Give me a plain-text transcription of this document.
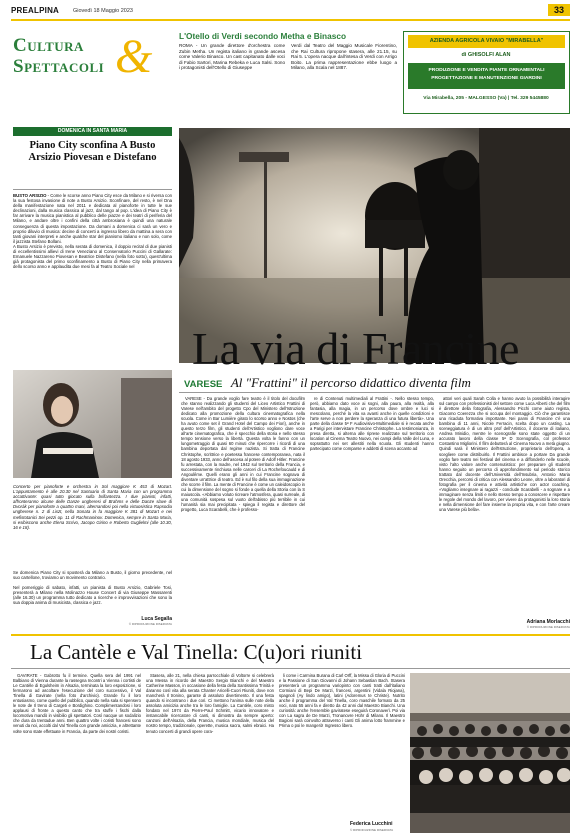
PREALPINA	Giovedì 18 Maggio 2023	33
Cultura &
Spettacoli
L'Otello di Verdi secondo Metha e Binasco
ROMA - Un grande direttore d'orchestra come Zubin Metha. Un regista italiano in grande ascesa come Valerio Binasco. Un cast capitanato dalle voci di Fabio Sartori, Marina Rebeka e Luca Salsi. Sono i protagonisti dell'Otello di Giuseppe
Verdi dal Teatro del Maggio Musicale Fiorentino, che Rai Cultura ripropone stasera, alle 21.15, su Rai 5. L'opera nacque dall'intesa di Verdi con Arrigo Boito. La prima rappresentazione ebbe luogo a Milano, alla Scala nel 1887.
AZIENDA AGRICOLA VIVAIO "MIRABELLA"
di GHISOLFI ALAN
PRODUZIONE E VENDITA PIANTE ORNAMENTALI
PROGETTAZIONE E MANUTENZIONE GIARDINI
Via Mirabella, 205 - MALGESSO (Va) | Tel. 329 5445880
DOMENICA IN SANTA MARIA
Piano City sconfina A Busto Arsizio Piovesan e Distefano
BUSTO ARSIZIO - Come le scorse anno Piano City esce da Milano e si riversa con la sua festosa invasione di note a Busto Arsizio. Sconfinare, del resto, è nel Dna della manifestazione nata nel 2011 e dedicata al pianoforte in tutte le sue declinazioni, dalla musica classica al jazz, dal tango al pop. L'idea di Piano City è far arrivare la musica pianistica al pubblico delle piazze e dei teatri di periferia del Milano, e andare oltre i confini della città ambrosiana è quindi una naturale conseguenza di questa impostazione. Da domani a domenica ci sarà un vero e proprio diluvio di musica: decine di concerti a ingresso libero da mattina a sera con tanti giovani interpreti e anche qualche star del pianismo italiano e non solo, come il jazzista Stefano Bollani.
A Busto Arsizio è previsto, nella serata di domenica, il doppio recital di due pianisti di eccellentissimi allievi di Irene Veneziano al Conservatorio Puccini di Gallarate: Emanuele Nazzareno Piovesan e Beatrice Distefano (nella foto sotto), quest'ultima già protagonista del primo sconfinamento a Busto di Piano City nella primavera dello scorso anno e applaudita due mesi fa al Teatro Sociale nel
Concerto per pianoforte e orchestra in Sol maggiore K 453 di Mozart. L'appuntamento è alle 20.30 nel Santuario di Santa Maria con un programma accattivante: quasi tutto giocato sulla brillantezza. I due pianisti, infatti, affronteranno alcune delle Danze ungheresi di Brahms e delle Danze slave di Dvorák per pianoforte a quattro mani, alternandosi poi nella virtuosistica Rapsodia ungherese n. 2 di Liszt, nella Sonata in fa maggiore K 381 di Mozart e nei mefistotanici Sei pezzi op. 11 di Rachmaninov. Domenica, sempre in Santa Maria, si esibiscono anche Elena Scrivo, Jacopo Girino e Roberto Guglielmi (alle 10.30, 16 e 18).
Se domenica Piano City si sposterà da Milano a Busto, il giorno precedente, nel suo cartellone, troviamo un movimento contrario.
Nel pomeriggio di sabato, infatti, un pianista di Busto Arsizio, Gabriele Tosi, presenterà a Milano nella Molinazzo House Concert di via Giuseppe Massarenti (alle 16.30) un programma tutto dedicato a ricerche e improvvisazioni che sono la sua doppia anima di musicista, classica e jazz.
Luca Segalla
© RIPRODUZIONE RISERVATA
La via di Francine
VARESE Al "Frattini" il percorso didattico diventa film
VARESE - Da grande voglio fare teatro è il titolo del docufilm che stanno realizzando gli studenti del Liceo Artistico Frattini di Varese nell'ambito del progetto Cpo del Ministero dell'Istruzione dedicato alla promozione della cultura cinematografica nella scuola. Come in Bar Lumière girato lo scorso anno e Nostos (che ha avuto come set il Grand Hotel del Campo dei Fiori), anche in questo terzo film, gli studenti dell'Artistico vogliono dare voce all'arte cinematografica, che è specchio della storia e nello stesso tempo tensione verso la libertà. Questa volta le fanno con un lungometraggio di quasi 60 minuti che ripercorre i ricordi di una bambina deportata dal regime nazista. Si tratta di Francine Christophe, scrittrice e poetessa francese contemporanea, nata il 18 agosto 1933, anno dell'ascesa al potere di Adolf Hitler. Francine fu arrestata, con la madre, nel 1942 sul territorio della Francia, e successivamente rinchiusa nelle carceri di La Rochefoucauld e di Angoulême. Quelli erano gli anni in cui Francine sognava di diventare un'attrice di teatro. Ed è sul filo della sua immaginazione che scorre il film. La mente di Francine è come un caleidoscopio in cui la dimensione del sogno si fonde a quella della Storia con la S maiuscola. «Abbiamo voluto ricreare l'atmosfera, quasi surreale, di una comunità sospesa sul vuoto dell'abisso più terribile in cui l'umanità sia mai precipitata - spiega il regista e direttore del progetto, Luca Scarabelli, che è professo-
re di Contenuti multimediali al Frattini -. Nello stesso tempo, però, abbiamo dato voce ai sogni, alla paura, alla realtà, alla fantasia, alla magia, in un percorso dove ombre e luci si mescolano, perché la vita va avanti anche in quelle condizioni e l'arte serve a non perdere la speranza di una futura libertà». Una parte della classe 5ª F Audiovisivo-Multimediale si è recata anche a Parigi per intervistare Francine Christophe. La testimonianza, in presa diretta, si alterna alle riprese realizzate sul territorio con location al Cinema Teatro Nuovo, nei campi della Valle del Luna, e soprattutto nei set allestiti nella scuola. Gli studenti hanno partecipato come comparse e addetti di scena accanto ad
attori veri quali Sarah Colla e hanno avuto la possibilità interagire sul campo con professionisti del settore come Luca Alberti che del film è direttore della fotografia, Alessandro Picchi come aiuto regista, Giacomo Coerezza che si occupa del montaggio. Ciò che garantisce una ricaduta formativa importante. Nei panni di Francine c'è una bambina di 11 anni, Nicole Ferracin, scelta dopo un casting. La sceneggiatura è di un altro prof dell'Artistico, il docente di italiano, Andrea Minidio, mentre le scenografie sono state oggetto di un accurato lavoro della classe 5ª D Scenografia, col professor Costantino Migliorini. Il film debutterà al Cinema Nuovo a metà giugno. Quindi sarà il Ministero dell'Istruzione, proprietario dell'opera, a scegliere come distribuirlo. Il Frattini ambisce a portare Da grande voglio fare teatro nei festival del cinema e a diffonderlo nelle scuole, visto l'alto valore anche contenutistico: per preparare gli studenti hanno seguito un percorso di approfondimento sul periodo storico trattato dal docente dell'Università dell'Insubria, Antonio Maria Orecchia, percorsi di critica con Alessandro Leone, oltre a laboratori di fotografia per il cinema e attività artistiche con actor coaching. «Vogliamo insegnare ai ragazzi - conclude Scarabelli - a sognare e a immaginare senza limiti e nello stesso tempo a conoscere e rispettare le regole del mondo del lavoro, per vivere da protagonisti la loro storia e nella dimensione del fare insieme la propria vita, e con l'arte creare una Varese più bella».
Adriana Morlacchi
© RIPRODUZIONE RISERVATA
La Cantèle e Val Tinella: C(u)ori riuniti
GAVIRATE - Gabrotto fu il termine. Quella sera del 1991 nel Balbiano di Vienna durante la rassegna Incontri a Vienna i cortisti de Le Cantèle di Egulsheim in Alsazia, terminata la loro esposizione, si fermarono ad ascoltare l'esecuzione del coro successivo, il Val Tinella di Gavirate (nella foto d'archivio). Grande fu il loro entusiasmo, come quello del pubblico, quando nella sala si spensero le note de Il treno di Cargeti e Bordighino. Complimentandosi i loro applausi di fronte a questo canto che tra stuffe i fischi dalla locomotiva mandò in visibilio gli spettatori. Così nacque un sodalizio che dura da trentadue anni. Ben quattro volte i coristi francesi sono venuti da noi, accolti dal Val Tinella con grande amicizia, e altrettante volte sono state effettuate in Francia, da parte dei nostri coristi.
Stasera, alle 21, nella chiesa parrocchiale di Voltorre si celebrerà una Messa in ricordo del Maestro Sergio Bianchi e del Maestro Catherine Masson, in occasione della festa della Santissima Trinità e daranno così vita alla serata Chanter Aricelli-Cuori Riuniti, dove non mancherà Il tronino, garante di assoluto divertimento. Il una festa quando si incontrano i due cori. Ci mettono l'anima sulle note della assoluta amicizia anche tra le loro famiglie. La Cantèle, coro misto fondato nel 1974 da Pierre-Paul Schmitt, vicario innovatore e instancabile ricercatore di canti, si dimostra da sempre aperto: canzoni dell'Alsazia, della Francia, musica mondiale, musica del nostro tempo, tradizionale, operette, musica sacra, salmi ebraici. Ha tenuto concerti di grandi opere cora-
li come i Carmina Burana di Carl Orff, la Missa di Gloria di Puccini e la Passione di San Giovanni di Johann Sebastian Bach. Stasera presenterà un programma variopinto con canti tratti dall'italiano Cormiani di Bepi De Marzi, francesi, argentini (Vidala Riojana), spagnoli (Ay lindo amigo), latini (Adoremus te Christe). Nutrito anche il programma del Val Tinella, coro maschile formato da 25 voci, nato 55 anni fa e diretto da 42 anni dal Maestro Bianchi. Una curiosità: anche l'ensemble gaviratese eseguirà Coronaverì. Poi via con La sagra de De Marzi, Tronanovre Hühr di Milano. Il Maestro Bagioni sarà coinvolto attraverso i canti Gli anima lotto frammine e Prima o poi le mangerò! Ingresso libero.
Federica Lucchini
© RIPRODUZIONE RISERVATA
